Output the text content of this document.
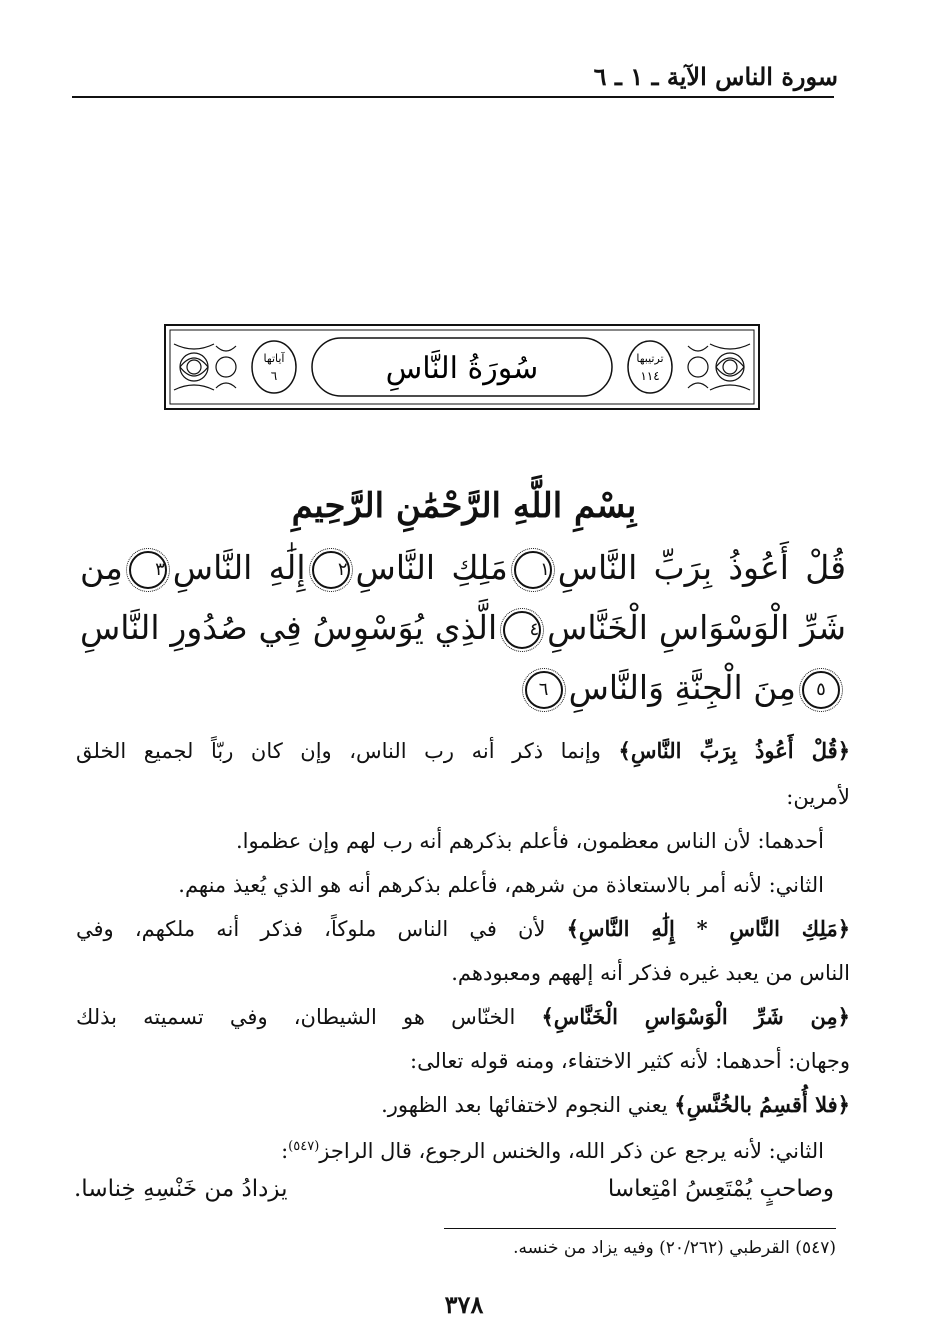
سورة الناس الآية ـ ١ ـ ٦
آياتها
٦
ترتيبها
١١٤
سُورَةُ النَّاسِ
بِسْمِ اللَّهِ الرَّحْمَٰنِ الرَّحِيمِ
قُلْ أَعُوذُ بِرَبِّ النَّاسِ١مَلِكِ النَّاسِ٢إِلَٰهِ النَّاسِ٣مِن
شَرِّ الْوَسْوَاسِ الْخَنَّاسِ٤الَّذِي يُوَسْوِسُ فِي صُدُورِ النَّاسِ
٥مِنَ الْجِنَّةِ وَالنَّاسِ٦
﴿قُلْ أَعُوذُ بِرَبِّ النَّاسِ﴾ وإنما ذكر أنه رب الناس، وإن كان ربّاً لجميع الخلق
لأمرين:
أحدهما: لأن الناس معظمون، فأعلم بذكرهم أنه رب لهم وإن عظموا.
الثاني: لأنه أمر بالاستعاذة من شرهم، فأعلم بذكرهم أنه هو الذي يُعيذ منهم.
﴿مَلِكِ النَّاسِ * إِلَٰهِ النَّاسِ﴾ لأن في الناس ملوكاً، فذكر أنه ملكهم، وفي
الناس من يعبد غيره فذكر أنه إلههم ومعبودهم.
﴿مِن شَرِّ الْوَسْوَاسِ الْخَنَّاسِ﴾ الخنّاس هو الشيطان، وفي تسميته بذلك
وجهان: أحدهما: لأنه كثير الاختفاء، ومنه قوله تعالى:
﴿فلا أُقسِمُ بالخُنَّسِ﴾ يعني النجوم لاختفائها بعد الظهور.
الثاني: لأنه يرجع عن ذكر الله، والخنس الرجوع، قال الراجز$^{(٥٤٧)}$:
وصاحبٍ يُمْتَعِسُ امْتِعاسا
يزدادُ من خَنْسِهِ خِناسا.
(٥٤٧) القرطبي (٢٠/٢٦٢) وفيه يزاد من خنسه.
٣٧٨
